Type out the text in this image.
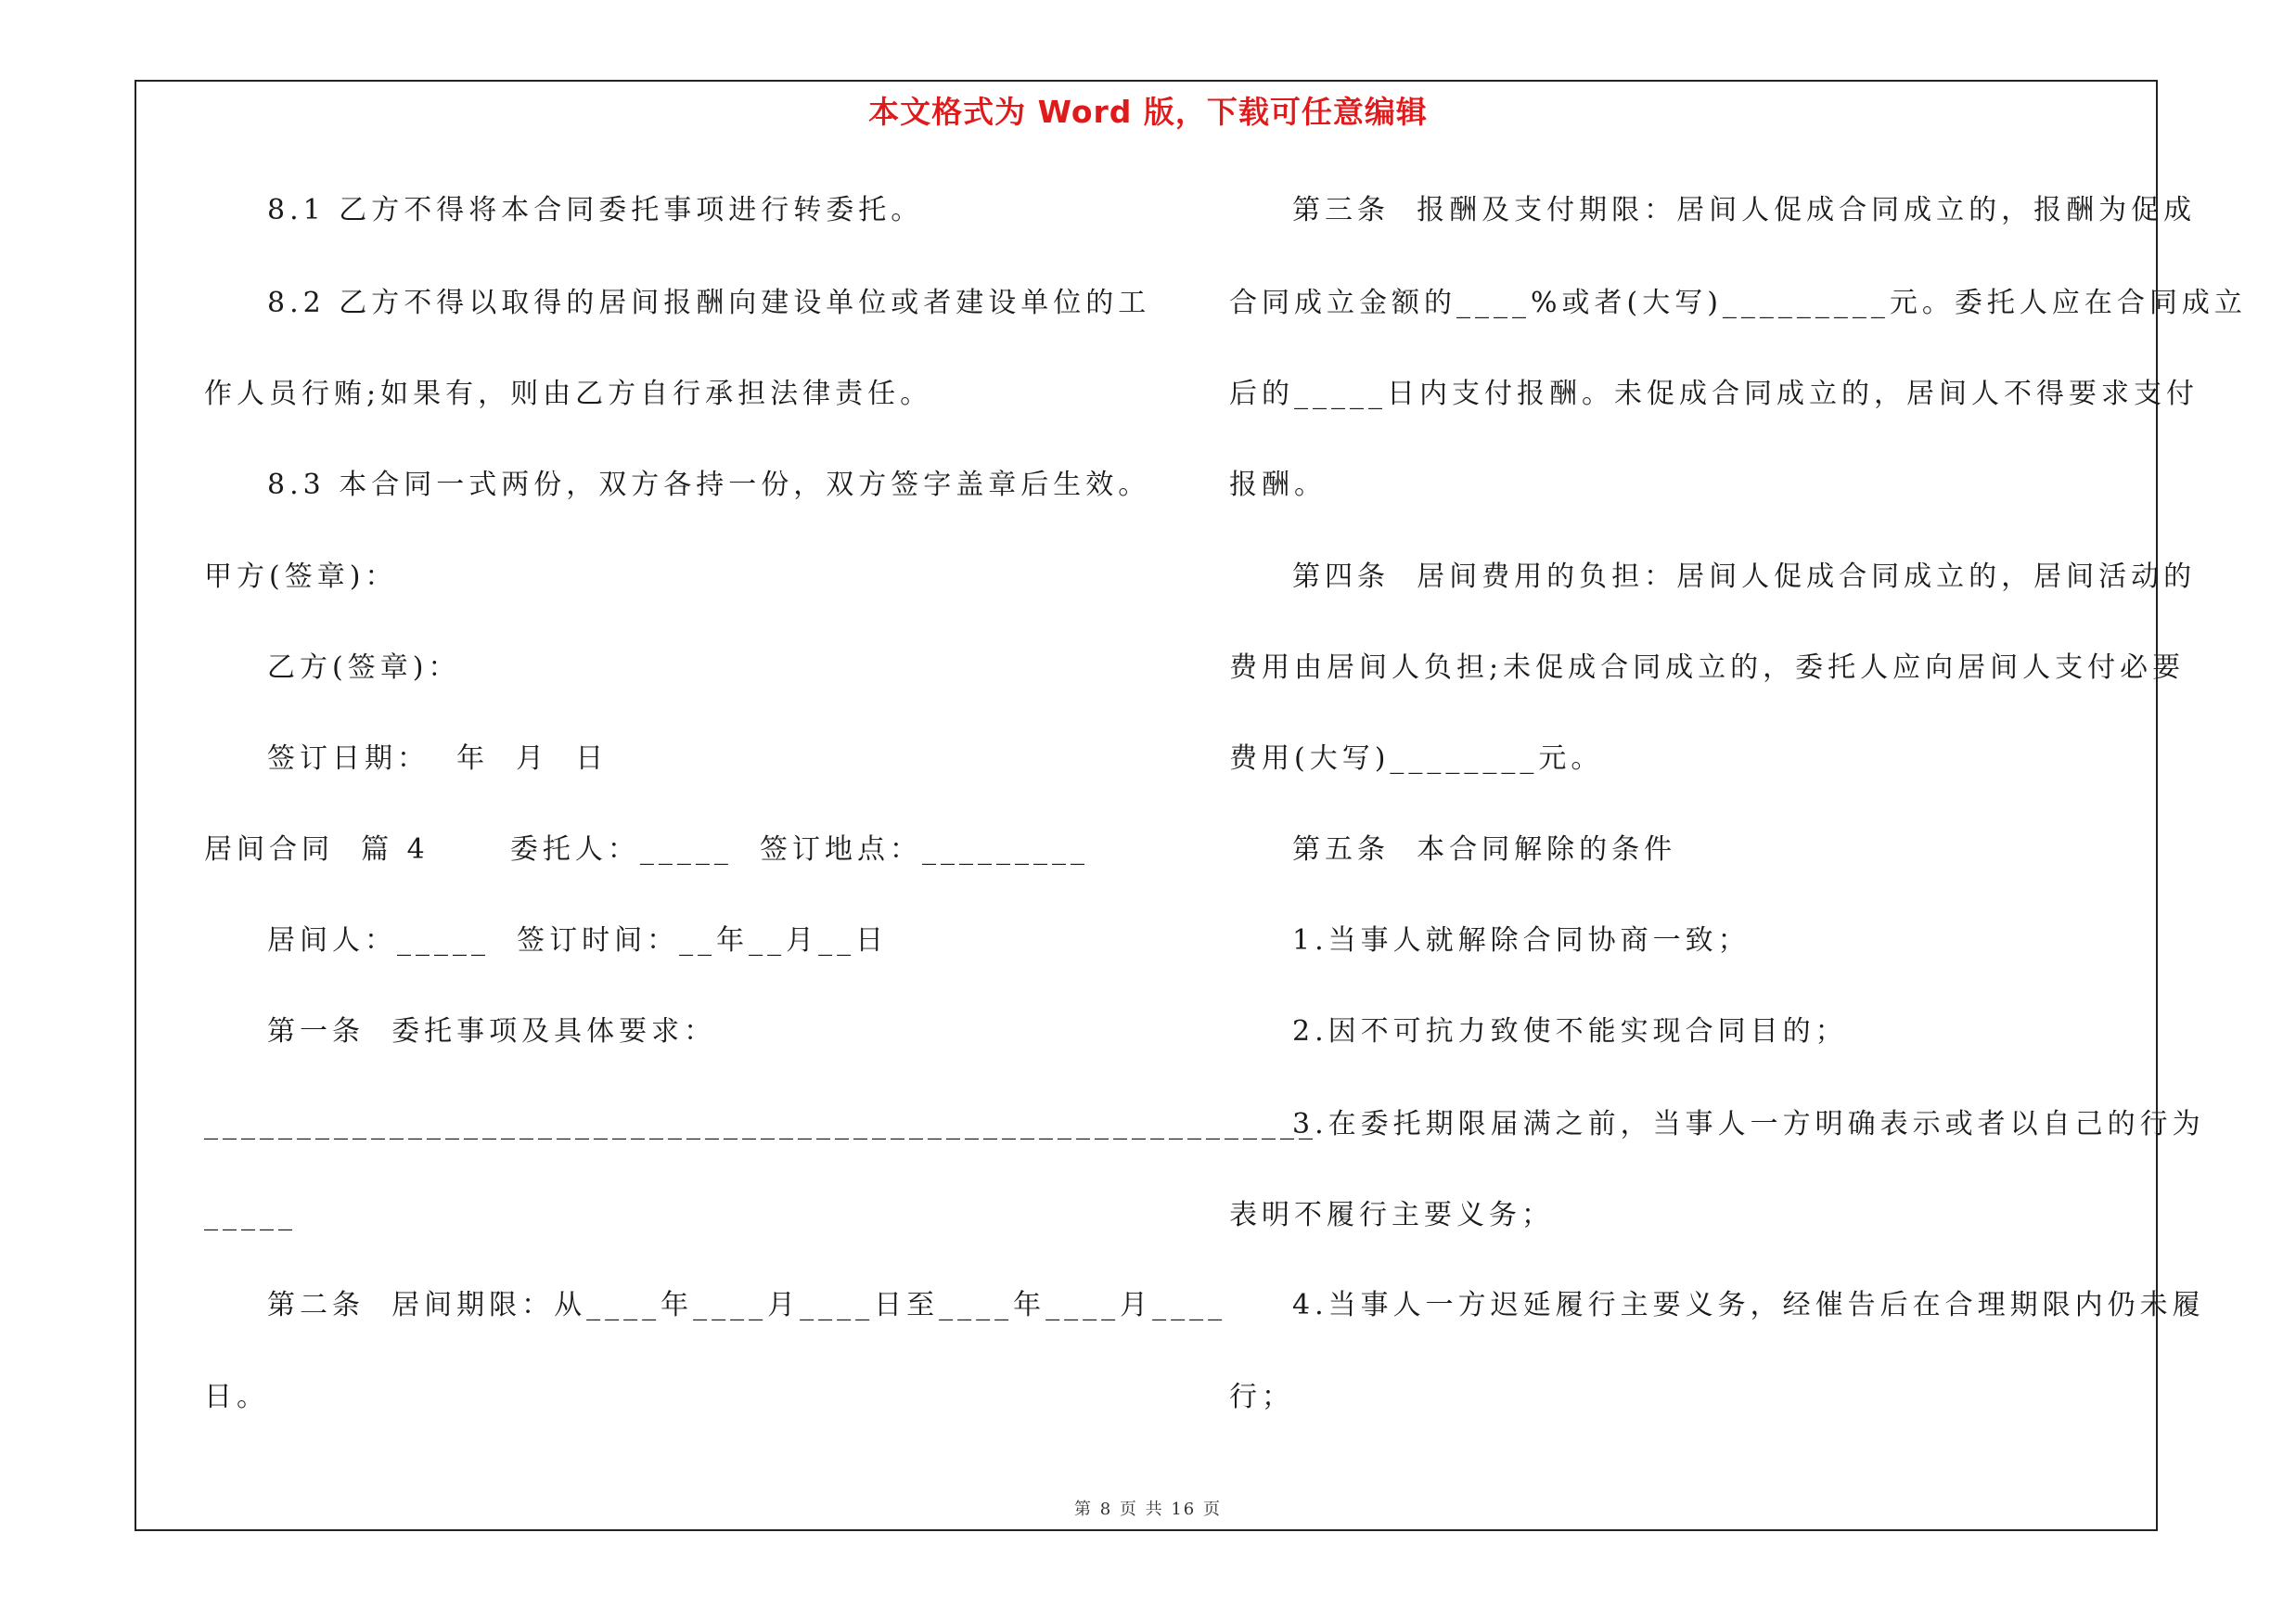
本文格式为 Word 版，下载可任意编辑
8.1 乙方不得将本合同委托事项进行转委托。
8.2 乙方不得以取得的居间报酬向建设单位或者建设单位的工
作人员行贿;如果有，则由乙方自行承担法律责任。
8.3 本合同一式两份，双方各持一份，双方签字盖章后生效。
甲方(签章)：
乙方(签章)：
签订日期：  年  月  日
居间合同  篇 4      委托人：_____  签订地点：_________
居间人：_____  签订时间：__年__月__日
第一条  委托事项及具体要求：
____________________________________________________________
_____
第二条  居间期限：从____年____月____日至____年____月____
日。
第三条  报酬及支付期限：居间人促成合同成立的，报酬为促成
合同成立金额的____%或者(大写)_________元。委托人应在合同成立
后的_____日内支付报酬。未促成合同成立的，居间人不得要求支付
报酬。
第四条  居间费用的负担：居间人促成合同成立的，居间活动的
费用由居间人负担;未促成合同成立的，委托人应向居间人支付必要
费用(大写)________元。
第五条  本合同解除的条件
1.当事人就解除合同协商一致；
2.因不可抗力致使不能实现合同目的；
3.在委托期限届满之前，当事人一方明确表示或者以自己的行为
表明不履行主要义务；
4.当事人一方迟延履行主要义务，经催告后在合理期限内仍未履
行；
第 8 页 共 16 页
